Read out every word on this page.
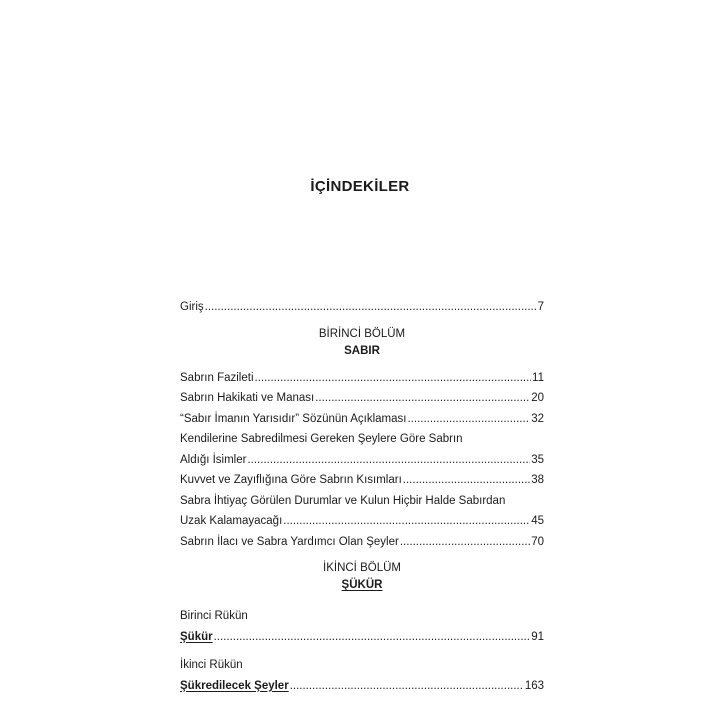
İÇİNDEKİLER
Giriş .....	7
BİRİNCİ BÖLÜM
SABIR
Sabrın Fazileti .....	11
Sabrın Hakikati ve Manası .....	20
“Sabır İmanın Yarısıdır” Sözünün Açıklaması .....	32
Kendilerine Sabredilmesi Gereken Şeylere Göre Sabrın
Aldığı İsimler .....	35
Kuvvet ve Zayıflığına Göre Sabrın Kısımları .....	38
Sabra İhtiyaç Görülen Durumlar ve Kulun Hiçbir Halde Sabırdan
Uzak Kalamayacağı .....	45
Sabrın İlacı ve Sabra Yardımcı Olan Şeyler .....	70
İKİNCİ BÖLÜM
ŞÜKÜR
Birinci Rükün
Şükür .....	91
İkinci Rükün
Şükredilecek Şeyler .....	163
